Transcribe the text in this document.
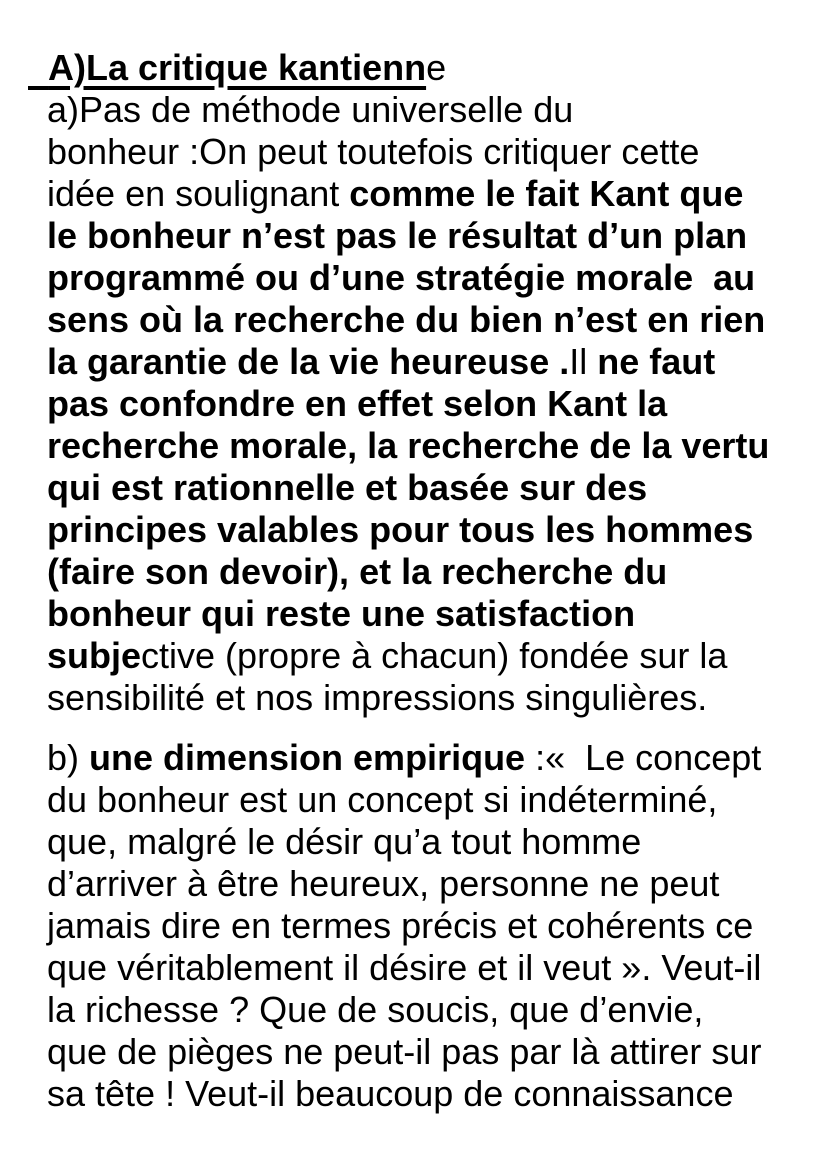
A)La critique kantienne

a)Pas de méthode universelle du bonheur :On peut toutefois critiquer cette idée en soulignant comme le fait Kant que le bonheur n’est pas le résultat d’un plan programmé ou d’une stratégie morale  au sens où la recherche du bien n’est en rien la garantie de la vie heureuse .Il ne faut pas confondre en effet selon Kant la recherche morale, la recherche de la vertu qui est rationnelle et basée sur des principes valables pour tous les hommes (faire son devoir), et la recherche du bonheur qui reste une satisfaction subjective (propre à chacun) fondée sur la sensibilité et nos impressions singulières.

b) une dimension empirique :«  Le concept du bonheur est un concept si indéterminé, que, malgré le désir qu’a tout homme d’arriver à être heureux, personne ne peut jamais dire en termes précis et cohérents ce que véritablement il désire et il veut ». Veut-il la richesse ? Que de soucis, que d’envie, que de pièges ne peut-il pas par là attirer sur sa tête ! Veut-il beaucoup de connaissance
